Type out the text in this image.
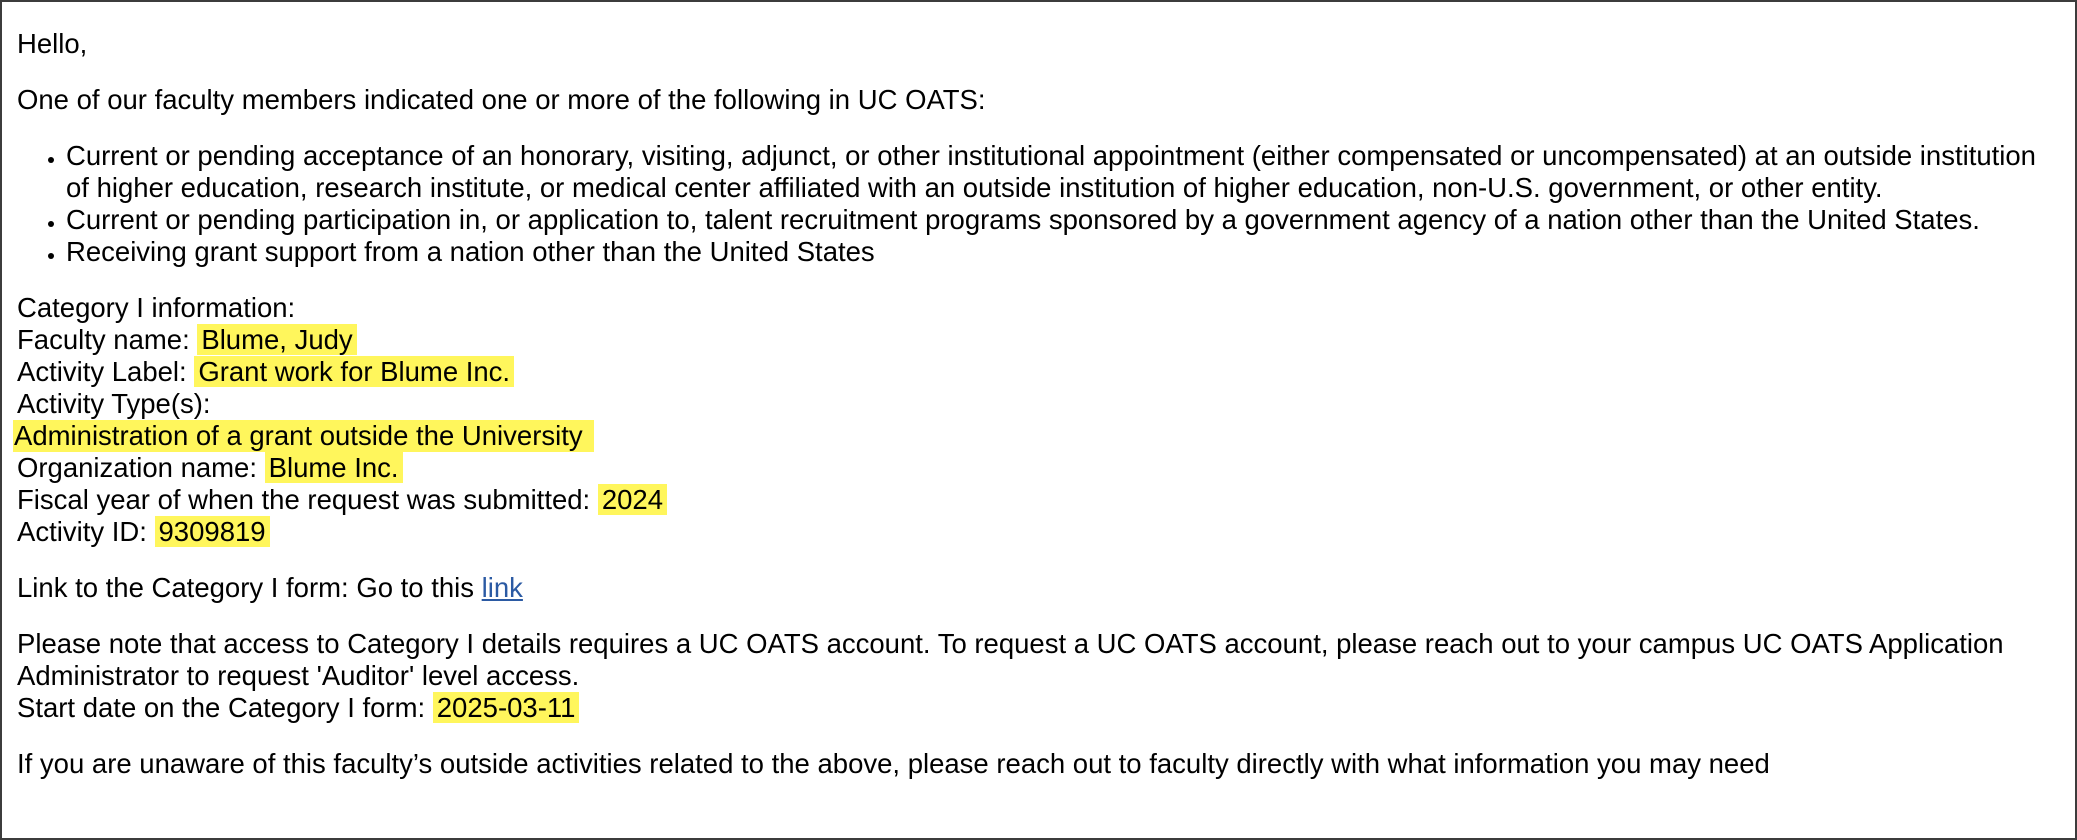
Hello,

One of our faculty members indicated one or more of the following in UC OATS:

• Current or pending acceptance of an honorary, visiting, adjunct, or other institutional appointment (either compensated or uncompensated) at an outside institution of higher education, research institute, or medical center affiliated with an outside institution of higher education, non-U.S. government, or other entity.
• Current or pending participation in, or application to, talent recruitment programs sponsored by a government agency of a nation other than the United States.
• Receiving grant support from a nation other than the United States

Category I information:

Faculty name: Blume, Judy

Activity Label: Grant work for Blume Inc.

Activity Type(s):

Administration of a grant outside the University

Organization name: Blume Inc.

Fiscal year of when the request was submitted: 2024

Activity ID: 9309819

Link to the Category I form: Go to this link

Please note that access to Category I details requires a UC OATS account. To request a UC OATS account, please reach out to your campus UC OATS Application Administrator to request 'Auditor' level access.

Start date on the Category I form: 2025-03-11

If you are unaware of this faculty’s outside activities related to the above, please reach out to faculty directly with what information you may need
